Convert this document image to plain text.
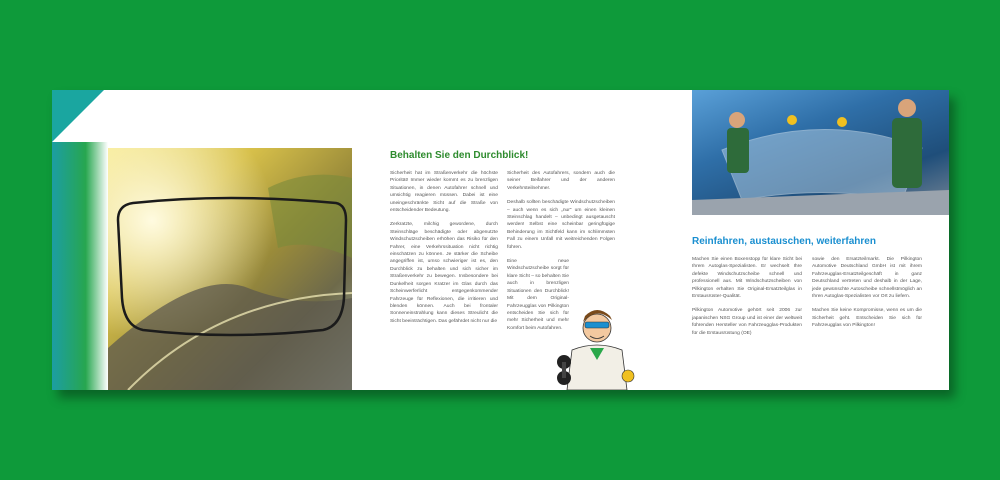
Behalten Sie den Durchblick!

Sicherheit hat im Straßenverkehr die höchste Priorität! Immer wieder kommt es zu brenzligen Situationen, in denen Autofahrer schnell und umsichtig reagieren müssen. Dabei ist eine uneingeschränkte Sicht auf die Straße von entscheidender Bedeutung.

Zerkratzte, milchig gewordene, durch Steinschläge beschädigte oder abgenutzte Windschutzscheiben erhöhen das Risiko für den Fahrer, eine Verkehrssituation nicht richtig einschätzen zu können. Je stärker die Scheibe angegriffen ist, umso schwieriger ist es, den Durchblick zu behalten und sich sicher im Straßenverkehr zu bewegen. Insbesondere bei Dunkelheit sorgen Kratzer im Glas durch das Scheinwerferlicht entgegenkommender Fahrzeuge für Reflexionen, die irritieren und blenden können. Auch bei frontaler Sonneneinstrahlung kann dieses Streulicht die Sicht beeinträchtigen. Das gefährdet nicht nur die

Sicherheit des Autofahrers, sondern auch die seiner Beifahrer und der anderen Verkehrsteilnehmer.

Deshalb sollten beschädigte Windschutzscheiben – auch wenn es sich „nur“ um einen kleinen Steinschlag handelt – unbedingt ausgetauscht werden! Selbst eine scheinbar geringfügige Behinderung im Sichtfeld kann im schlimmsten Fall zu einem Unfall mit weitreichenden Folgen führen.

Eine neue Windschutzscheibe sorgt für klare Sicht – so behalten Sie auch in brenzligen Situationen den Durchblick! Mit dem Original-Fahrzeugglas von Pilkington entscheiden Sie sich für mehr Sicherheit und mehr Komfort beim Autofahren.

Reinfahren, austauschen, weiterfahren

Machen Sie einen Boxenstopp für klare Sicht bei Ihrem Autoglas-Spezialisten. Er wechselt Ihre defekte Windschutzscheibe schnell und professionell aus. Mit Windschutzscheiben von Pilkington erhalten Sie Original-Ersatzteilglas in Erstausrüster-Qualität.

Pilkington Automotive gehört seit 2006 zur japanischen NSG Group und ist einer der weltweit führenden Hersteller von Fahrzeugglas-Produkten für die Erstausrüstung (OE)

sowie den Ersatzteilmarkt. Die Pilkington Automotive Deutschland GmbH ist mit ihrem Fahrzeugglas-Ersatzteilgeschäft in ganz Deutschland vertreten und deshalb in der Lage, jede gewünschte Autoscheibe schnellstmöglich an Ihren Autoglas-Spezialisten vor Ort zu liefern.

Machen Sie keine Kompromisse, wenn es um die Sicherheit geht. Entscheiden Sie sich für Fahrzeugglas von Pilkington!
